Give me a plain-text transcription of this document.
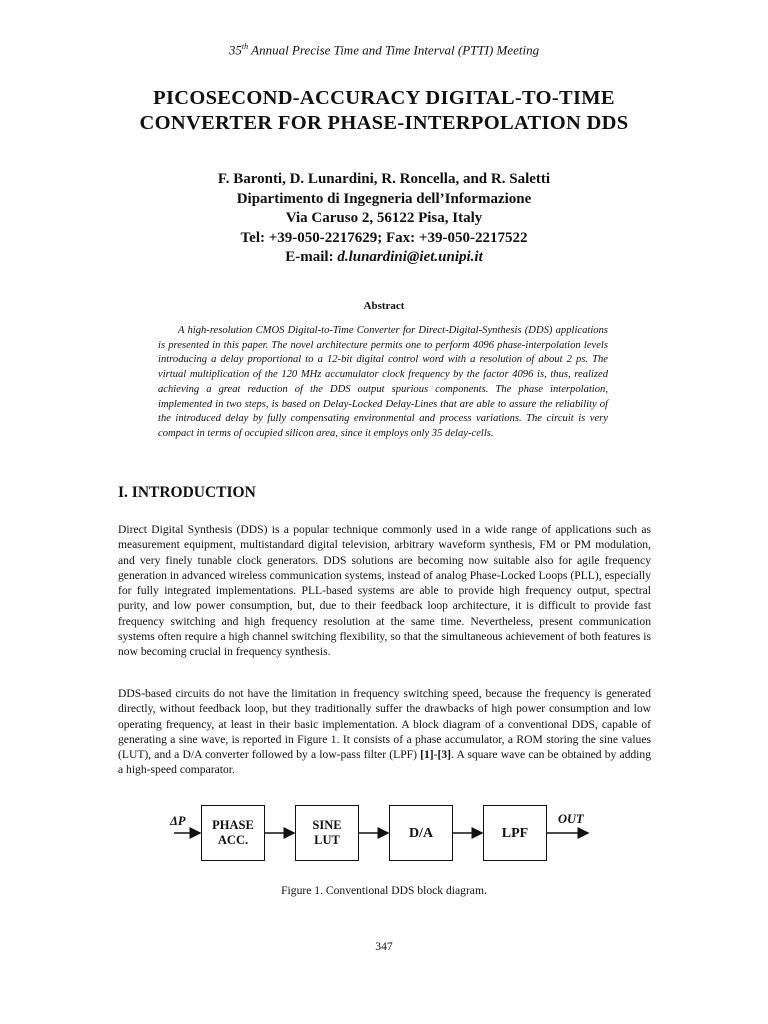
35th Annual Precise Time and Time Interval (PTTI) Meeting
PICOSECOND-ACCURACY DIGITAL-TO-TIME
CONVERTER FOR PHASE-INTERPOLATION DDS
F. Baronti, D. Lunardini, R. Roncella, and R. Saletti
Dipartimento di Ingegneria dell’Informazione
Via Caruso 2, 56122 Pisa, Italy
Tel: +39-050-2217629; Fax: +39-050-2217522
E-mail: d.lunardini@iet.unipi.it
Abstract
A high-resolution CMOS Digital-to-Time Converter for Direct-Digital-Synthesis (DDS) applications is presented in this paper. The novel architecture permits one to perform 4096 phase-interpolation levels introducing a delay proportional to a 12-bit digital control word with a resolution of about 2 ps. The virtual multiplication of the 120 MHz accumulator clock frequency by the factor 4096 is, thus, realized achieving a great reduction of the DDS output spurious components. The phase interpolation, implemented in two steps, is based on Delay-Locked Delay-Lines that are able to assure the reliability of the introduced delay by fully compensating environmental and process variations. The circuit is very compact in terms of occupied silicon area, since it employs only 35 delay-cells.
I. INTRODUCTION
Direct Digital Synthesis (DDS) is a popular technique commonly used in a wide range of applications such as measurement equipment, multistandard digital television, arbitrary waveform synthesis, FM or PM modulation, and very finely tunable clock generators. DDS solutions are becoming now suitable also for agile frequency generation in advanced wireless communication systems, instead of analog Phase-Locked Loops (PLL), especially for fully integrated implementations. PLL-based systems are able to provide high frequency output, spectral purity, and low power consumption, but, due to their feedback loop architecture, it is difficult to provide fast frequency switching and high frequency resolution at the same time. Nevertheless, present communication systems often require a high channel switching flexibility, so that the simultaneous achievement of both features is now becoming crucial in frequency synthesis.
DDS-based circuits do not have the limitation in frequency switching speed, because the frequency is generated directly, without feedback loop, but they traditionally suffer the drawbacks of high power consumption and low operating frequency, at least in their basic implementation. A block diagram of a conventional DDS, capable of generating a sine wave, is reported in Figure 1. It consists of a phase accumulator, a ROM storing the sine values (LUT), and a D/A converter followed by a low-pass filter (LPF) [1]-[3]. A square wave can be obtained by adding a high-speed comparator.
ΔP	OUT
PHASE
ACC.
SINE
LUT	D/A	LPF
Figure 1. Conventional DDS block diagram.
347
